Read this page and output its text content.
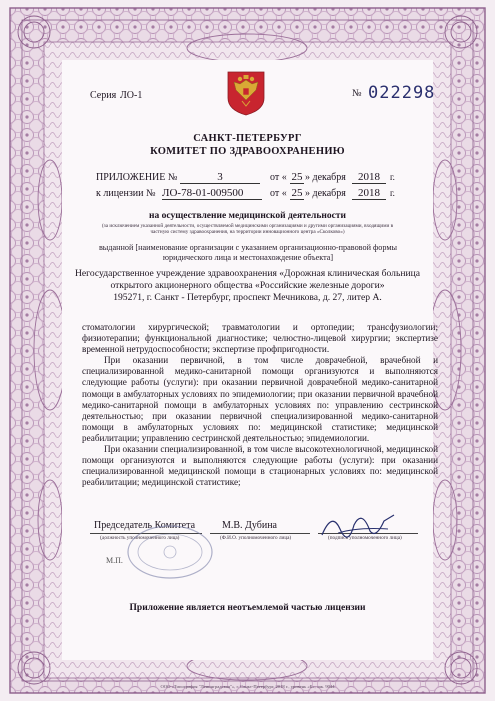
Серия ЛО-1	№ 022298
САНКТ-ПЕТЕРБУРГ
КОМИТЕТ ПО ЗДРАВООХРАНЕНИЮ
ПРИЛОЖЕНИЕ №	3	от « 25 » декабря	2018	г.
к лицензии № ЛО-78-01-009500	от « 25 » декабря	2018	г.
на осуществление медицинской деятельности
(за исключением указанной деятельности, осуществляемой медицинскими организациями и другими организациями, входящими в частную систему здравоохранения, на территории инновационного центра «Сколково»)
выданной [наименование организации с указанием организационно-правовой формы юридического лица и местонахождение объекта]
Негосударственное учреждение здравоохранения «Дорожная клиническая больница
открытого акционерного общества «Российские железные дороги»
195271, г. Санкт - Петербург, проспект Мечникова, д. 27, литер А.

стоматологии хирургической; травматологии и ортопедии; трансфузиологии; физиотерапии; функциональной диагностике; челюстно-лицевой хирургии; экспертизе временной нетрудоспособности; экспертизе профпригодности.

При оказании первичной, в том числе доврачебной, врачебной и специализированной медико-санитарной помощи организуются и выполняются следующие работы (услуги): при оказании первичной доврачебной медико-санитарной помощи в амбулаторных условиях по эпидемиологии; при оказании первичной врачебной медико-санитарной помощи в амбулаторных условиях по: управлению сестринской деятельностью; при оказании первичной специализированной медико-санитарной помощи в амбулаторных условиях по: медицинской статистике; медицинской реабилитации; управлению сестринской деятельностью; эпидемиологии.

При оказании специализированной, в том числе высокотехнологичной, медицинской помощи организуются и выполняются следующие работы (услуги): при оказании специализированной медицинской помощи в стационарных условиях по: медицинской реабилитации; медицинской статистике;

Председатель Комитета	М.В. Дубина
(должность уполномоченного лица)	(Ф.И.О. уполномоченного лица)	(подпись уполномоченного лица)
М.П.
Приложение является неотъемлемой частью лицензии
ООО «Типография "Ленинградская"», г. Санкт-Петербург, 2018 г., уровень «Б», зак. 9044
